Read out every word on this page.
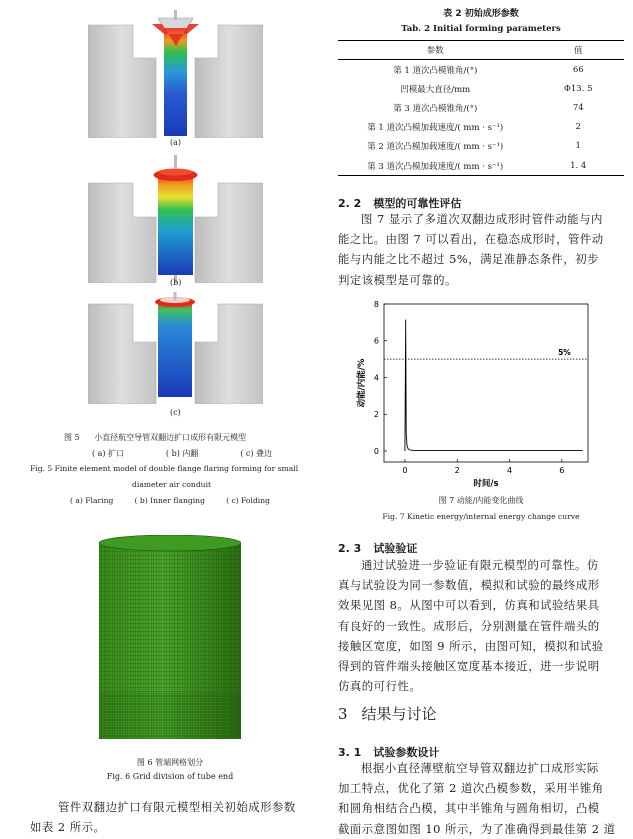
(a)
(b)
(c)
图 5 小直径航空导管双翻边扩口成形有限元模型
( a) 扩口	( b) 内翻	( c) 叠边
Fig. 5 Finite element model of double flange flaring forming for small
diameter air conduit
( a) Flaring	( b) Inner flanging	( c) Folding
图 6 管端网格划分
Fig. 6 Grid division of tube end
管件双翻边扩口有限元模型相关初始成形参数
如表 2 所示。
表 2 初始成形参数
Tab. 2 Initial forming parameters
参数	值
第 1 道次凸模锥角/(°)	66
凹模最大直径/mm	Φ13. 5
第 3 道次凸模锥角/(°)	74
第 1 道次凸模加载速度/( mm · s⁻¹)	2
第 2 道次凸模加载速度/( mm · s⁻¹)	1
第 3 道次凸模加载速度/( mm · s⁻¹)	1. 4
2. 2 模型的可靠性评估
图 7 显示了多道次双翻边成形时管件动能与内
能之比。由图 7 可以看出，在稳态成形时，管件动
能与内能之比不超过 5%，满足准静态条件，初步
判定该模型是可靠的。
0	2	4	6
0
2
4
6
8
时间/s
动能/内能/%
5%
图 7 动能/内能变化曲线
Fig. 7 Kinetic energy/internal energy change curve
2. 3 试验验证
通过试验进一步验证有限元模型的可靠性。仿
真与试验设为同一参数值，模拟和试验的最终成形
效果见图 8。从图中可以看到，仿真和试验结果具
有良好的一致性。成形后，分别测量在管件端头的
接触区宽度，如图 9 所示，由图可知，模拟和试验
得到的管件端头接触区宽度基本接近，进一步说明
仿真的可行性。
3 结果与讨论
3. 1 试验参数设计
根据小直径薄壁航空导管双翻边扩口成形实际
加工特点，优化了第 2 道次凸模参数，采用半锥角
和圆角相结合凸模，其中半锥角与圆角相切，凸模
截面示意图如图 10 所示，为了准确得到最佳第 2 道
